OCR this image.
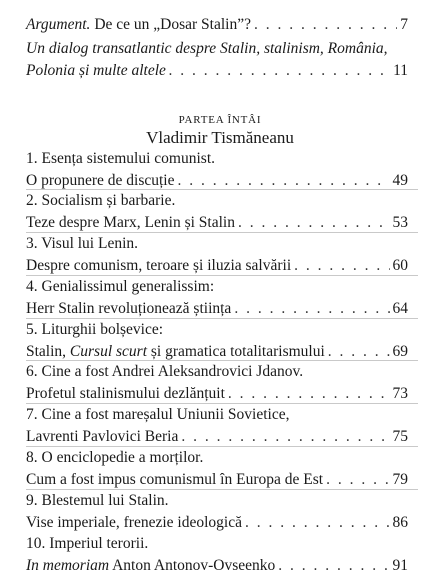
Argument. De ce un „Dosar Stalin”? . . .	7
Un dialog transatlantic despre Stalin, stalinism, România,
Polonia și multe altele . . .	11
PARTEA ÎNTÂI
Vladimir Tismăneanu
1. Esența sistemului comunist.
O propunere de discuție . . .	49
2. Socialism și barbarie.
Teze despre Marx, Lenin și Stalin . . .	53
3. Visul lui Lenin.
Despre comunism, teroare și iluzia salvării . . .	60
4. Genialissimul generalissim:
Herr Stalin revoluționează știința . . .	64
5. Liturghii bolșevice:
Stalin, Cursul scurt și gramatica totalitarismului . . .	69
6. Cine a fost Andrei Aleksandrovici Jdanov.
Profetul stalinismului dezlănțuit . . .	73
7. Cine a fost mareșalul Uniunii Sovietice,
Lavrenti Pavlovici Beria . . .	75
8. O enciclopedie a morților.
Cum a fost impus comunismul în Europa de Est . . .	79
9. Blestemul lui Stalin.
Vise imperiale, frenezie ideologică . . .	86
10. Imperiul terorii.
In memoriam Anton Antonov-Ovseenko . . .	91
